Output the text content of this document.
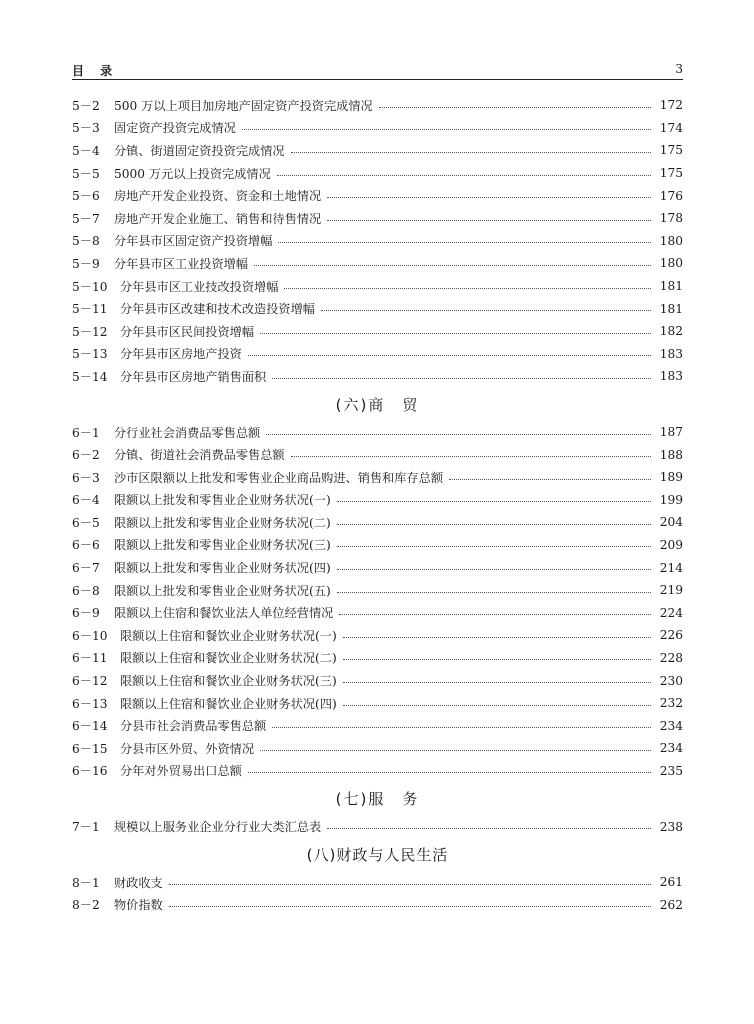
目 录	3
5－2	500 万以上项目加房地产固定资产投资完成情况	172
5－3	固定资产投资完成情况	174
5－4	分镇、街道固定资投资完成情况	175
5－5	5000 万元以上投资完成情况	175
5－6	房地产开发企业投资、资金和土地情况	176
5－7	房地产开发企业施工、销售和待售情况	178
5－8	分年县市区固定资产投资增幅	180
5－9	分年县市区工业投资增幅	180
5－10	分年县市区工业技改投资增幅	181
5－11	分年县市区改建和技术改造投资增幅	181
5－12	分年县市区民间投资增幅	182
5－13	分年县市区房地产投资	183
5－14	分年县市区房地产销售面积	183
(六)商　贸
6－1	分行业社会消费品零售总额	187
6－2	分镇、街道社会消费品零售总额	188
6－3	沙市区限额以上批发和零售业企业商品购进、销售和库存总额	189
6－4	限额以上批发和零售业企业财务状况(一)	199
6－5	限额以上批发和零售业企业财务状况(二)	204
6－6	限额以上批发和零售业企业财务状况(三)	209
6－7	限额以上批发和零售业企业财务状况(四)	214
6－8	限额以上批发和零售业企业财务状况(五)	219
6－9	限额以上住宿和餐饮业法人单位经营情况	224
6－10	限额以上住宿和餐饮业企业财务状况(一)	226
6－11	限额以上住宿和餐饮业企业财务状况(二)	228
6－12	限额以上住宿和餐饮业企业财务状况(三)	230
6－13	限额以上住宿和餐饮业企业财务状况(四)	232
6－14	分县市社会消费品零售总额	234
6－15	分县市区外贸、外资情况	234
6－16	分年对外贸易出口总额	235
(七)服　务
7－1	规模以上服务业企业分行业大类汇总表	238
(八)财政与人民生活
8－1	财政收支	261
8－2	物价指数	262
